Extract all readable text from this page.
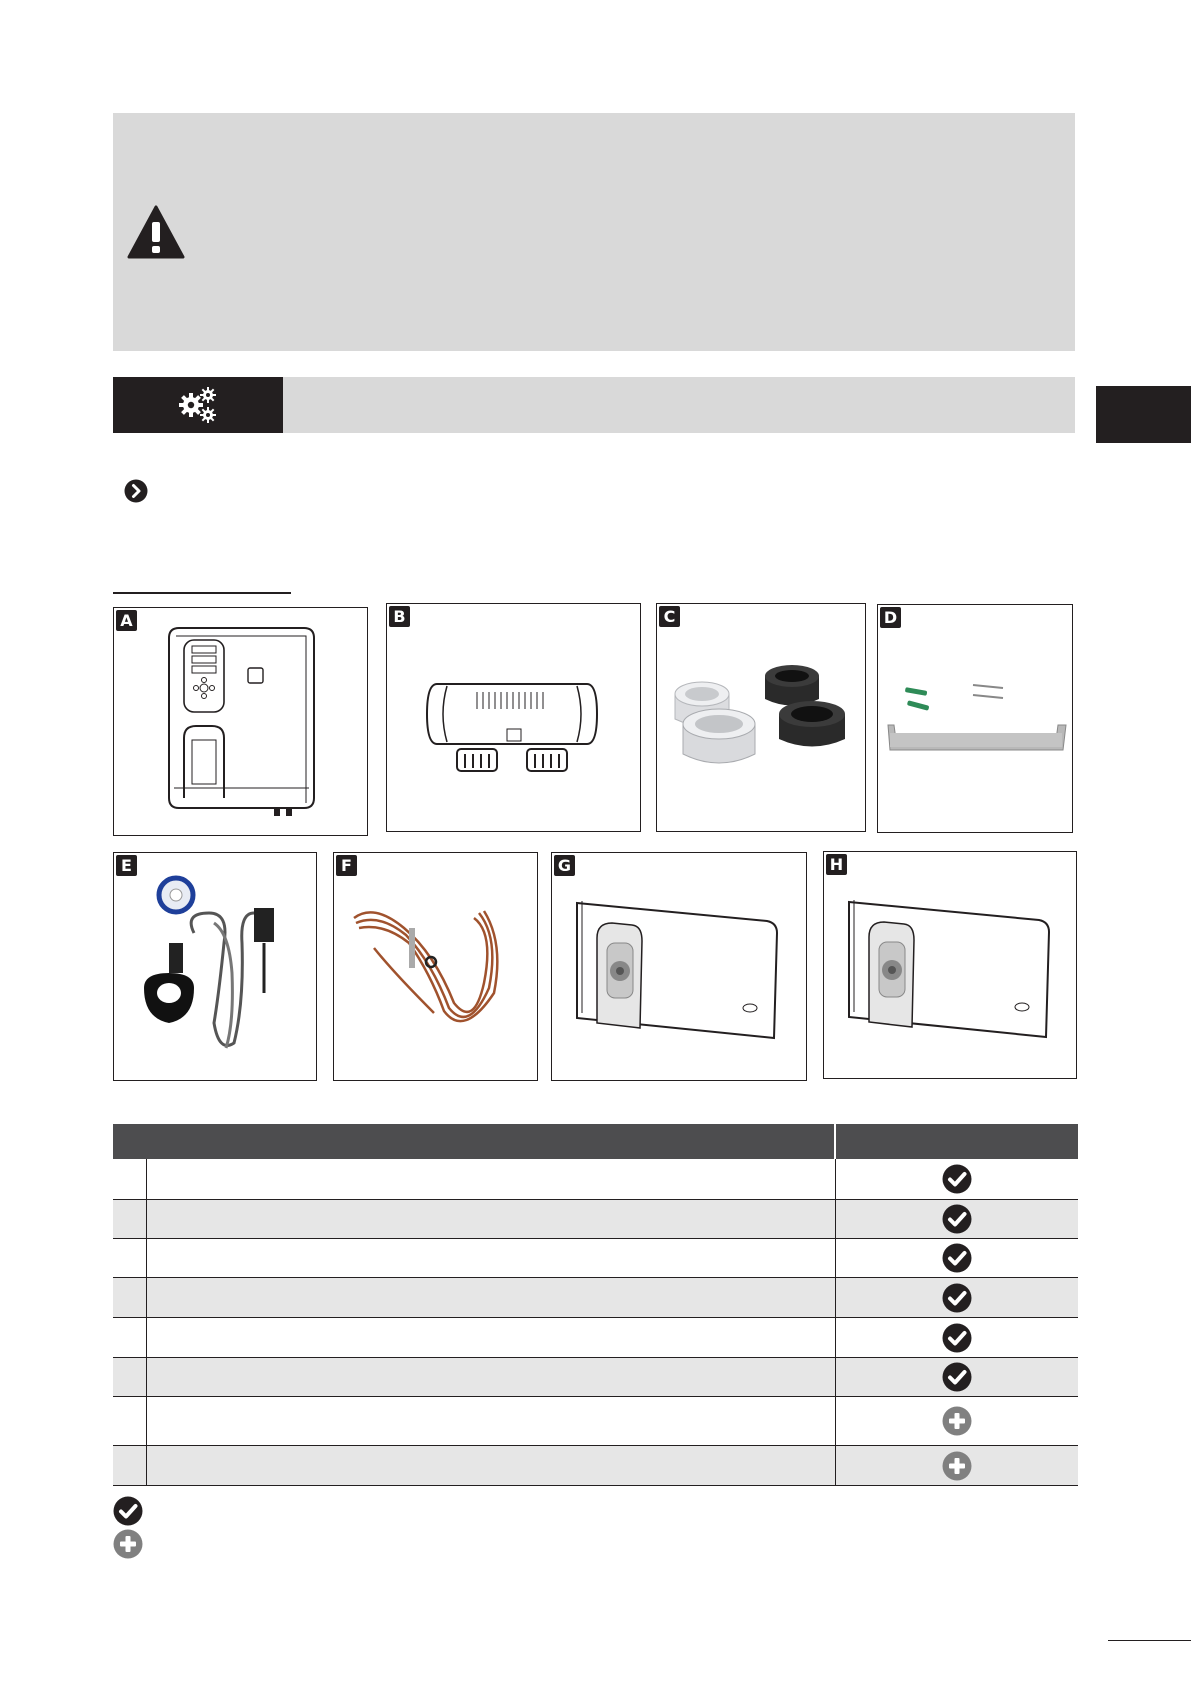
A	B	C	D
E	F	G	H
